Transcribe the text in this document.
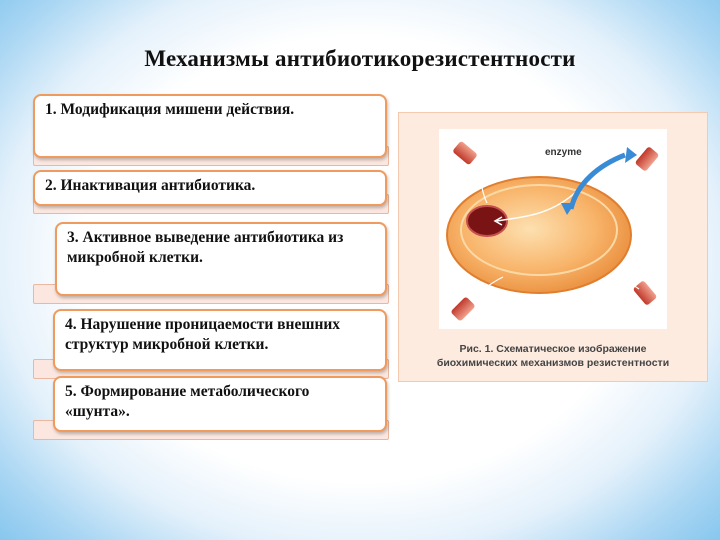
Механизмы антибиотикорезистентности
1. Модификация мишени действия.
2. Инактивация антибиотика.
3. Активное выведение антибиотика из микробной клетки.
4. Нарушение проницаемости внешних структур микробной клетки.
5. Формирование метаболического «шунта».
enzyme
Рис. 1. Схематическое изображение
биохимических механизмов резистентности
